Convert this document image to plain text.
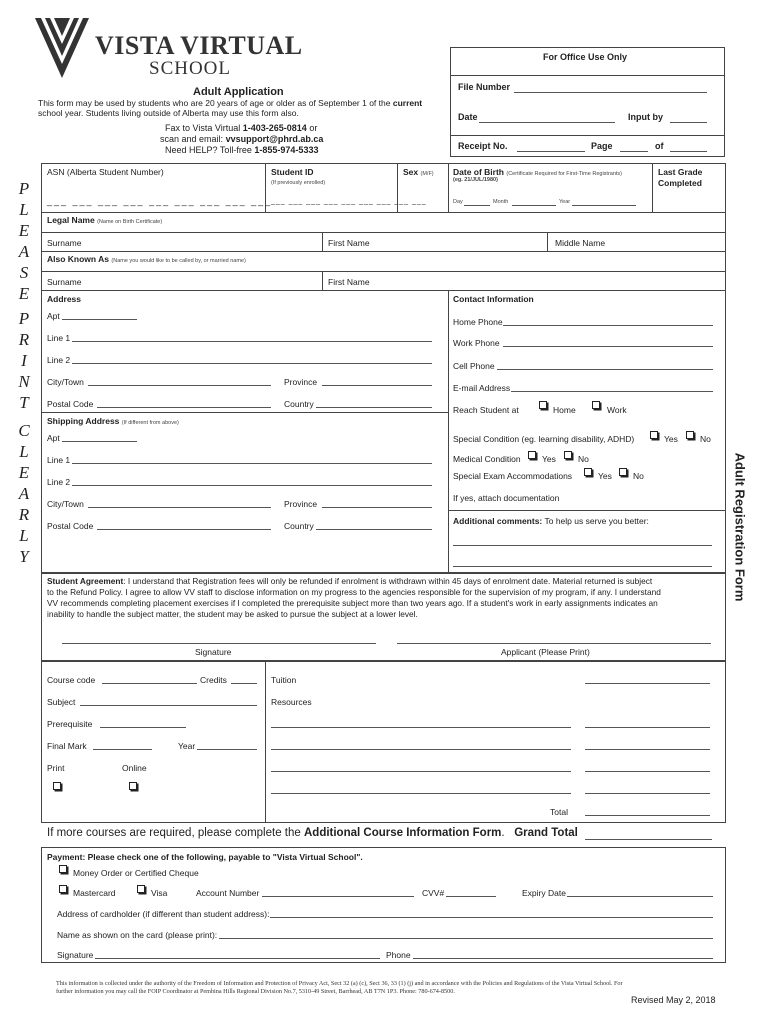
VISTA VIRTUAL
SCHOOL
Adult Application
This form may be used by students who are 20 years of age or older as of September 1 of the current school year. Students living outside of Alberta may use this form also.
Fax to Vista Virtual 1-403-265-0814 or
scan and email: vvsupport@phrd.ab.ca
Need HELP? Toll-free 1-855-974-5333
For Office Use Only
File Number
Date	Input by
Receipt No.	Page	of
P
L
E
A
S
E
P
R
I
N
T
C
L
E
A
R
L
Y	Adult Registration Form
ASN (Alberta Student Number)
___ ___ ___ ___ ___ ___ ___ ___ ___
Student ID
(If previously enrolled)
___ ___ ___ ___ ___ ___ ___ ___ ___
Sex (M/F) Date of Birth (Certificate Required for First-Time Registrants)
(eg. 21/JUL/1980)
Day	Month	Year
Last Grade
Completed
Legal Name (Name on Birth Certificate)
Surname	First Name	Middle Name
Also Known As (Name you would like to be called by, or married name)
Surname	First Name
Address
Apt
Line 1
Line 2
City/Town	Province
Postal Code	Country
Shipping Address (If different from above)
Apt
Line 1
Line 2
City/Town	Province
Postal Code	Country
Contact Information
Home Phone
Work Phone
Cell Phone
E-mail Address
Reach Student at	Home	Work
Special Condition (eg. learning disability, ADHD)	Yes	No
Medical Condition	Yes	No
Special Exam Accommodations	Yes No
If yes, attach documentation
Additional comments: To help us serve you better:
Student Agreement: I understand that Registration fees will only be refunded if enrolment is withdrawn within 45 days of enrolment date. Material returned is subject
to the Refund Policy. I agree to allow VV staff to disclose information on my progress to the agencies responsible for the supervision of my program, if any. I understand
VV recommends completing placement exercises if I completed the prerequisite subject more than two years ago. If a student's work in early assignments indicates an
inability to handle the subject matter, the student may be asked to pursue the subject at a lower level.
Signature	Applicant (Please Print)
Course code	Credits
Subject
Prerequisite
Final Mark	Year
Print	Online
Tuition
Resources
Total
If more courses are required, please complete the Additional Course Information Form. Grand Total
Payment: Please check one of the following, payable to "Vista Virtual School".
Money Order or Certified Cheque
Mastercard	Visa	Account Number	CVV#	Expiry Date
Address of cardholder (if different than student address):
Name as shown on the card (please print):
Signature	Phone
This information is collected under the authority of the Freedom of Information and Protection of Privacy Act, Sect 32 (a) (c), Sect 36, 33 (1) (j) and in accordance with the Policies and Regulations of the Vista Virtual School. For
further information you may call the FOIP Coordinator at Pembina Hills Regional Division No.7, 5310-49 Street, Barrhead, AB T7N 1P3. Phone: 780-674-8500.
Revised May 2, 2018
